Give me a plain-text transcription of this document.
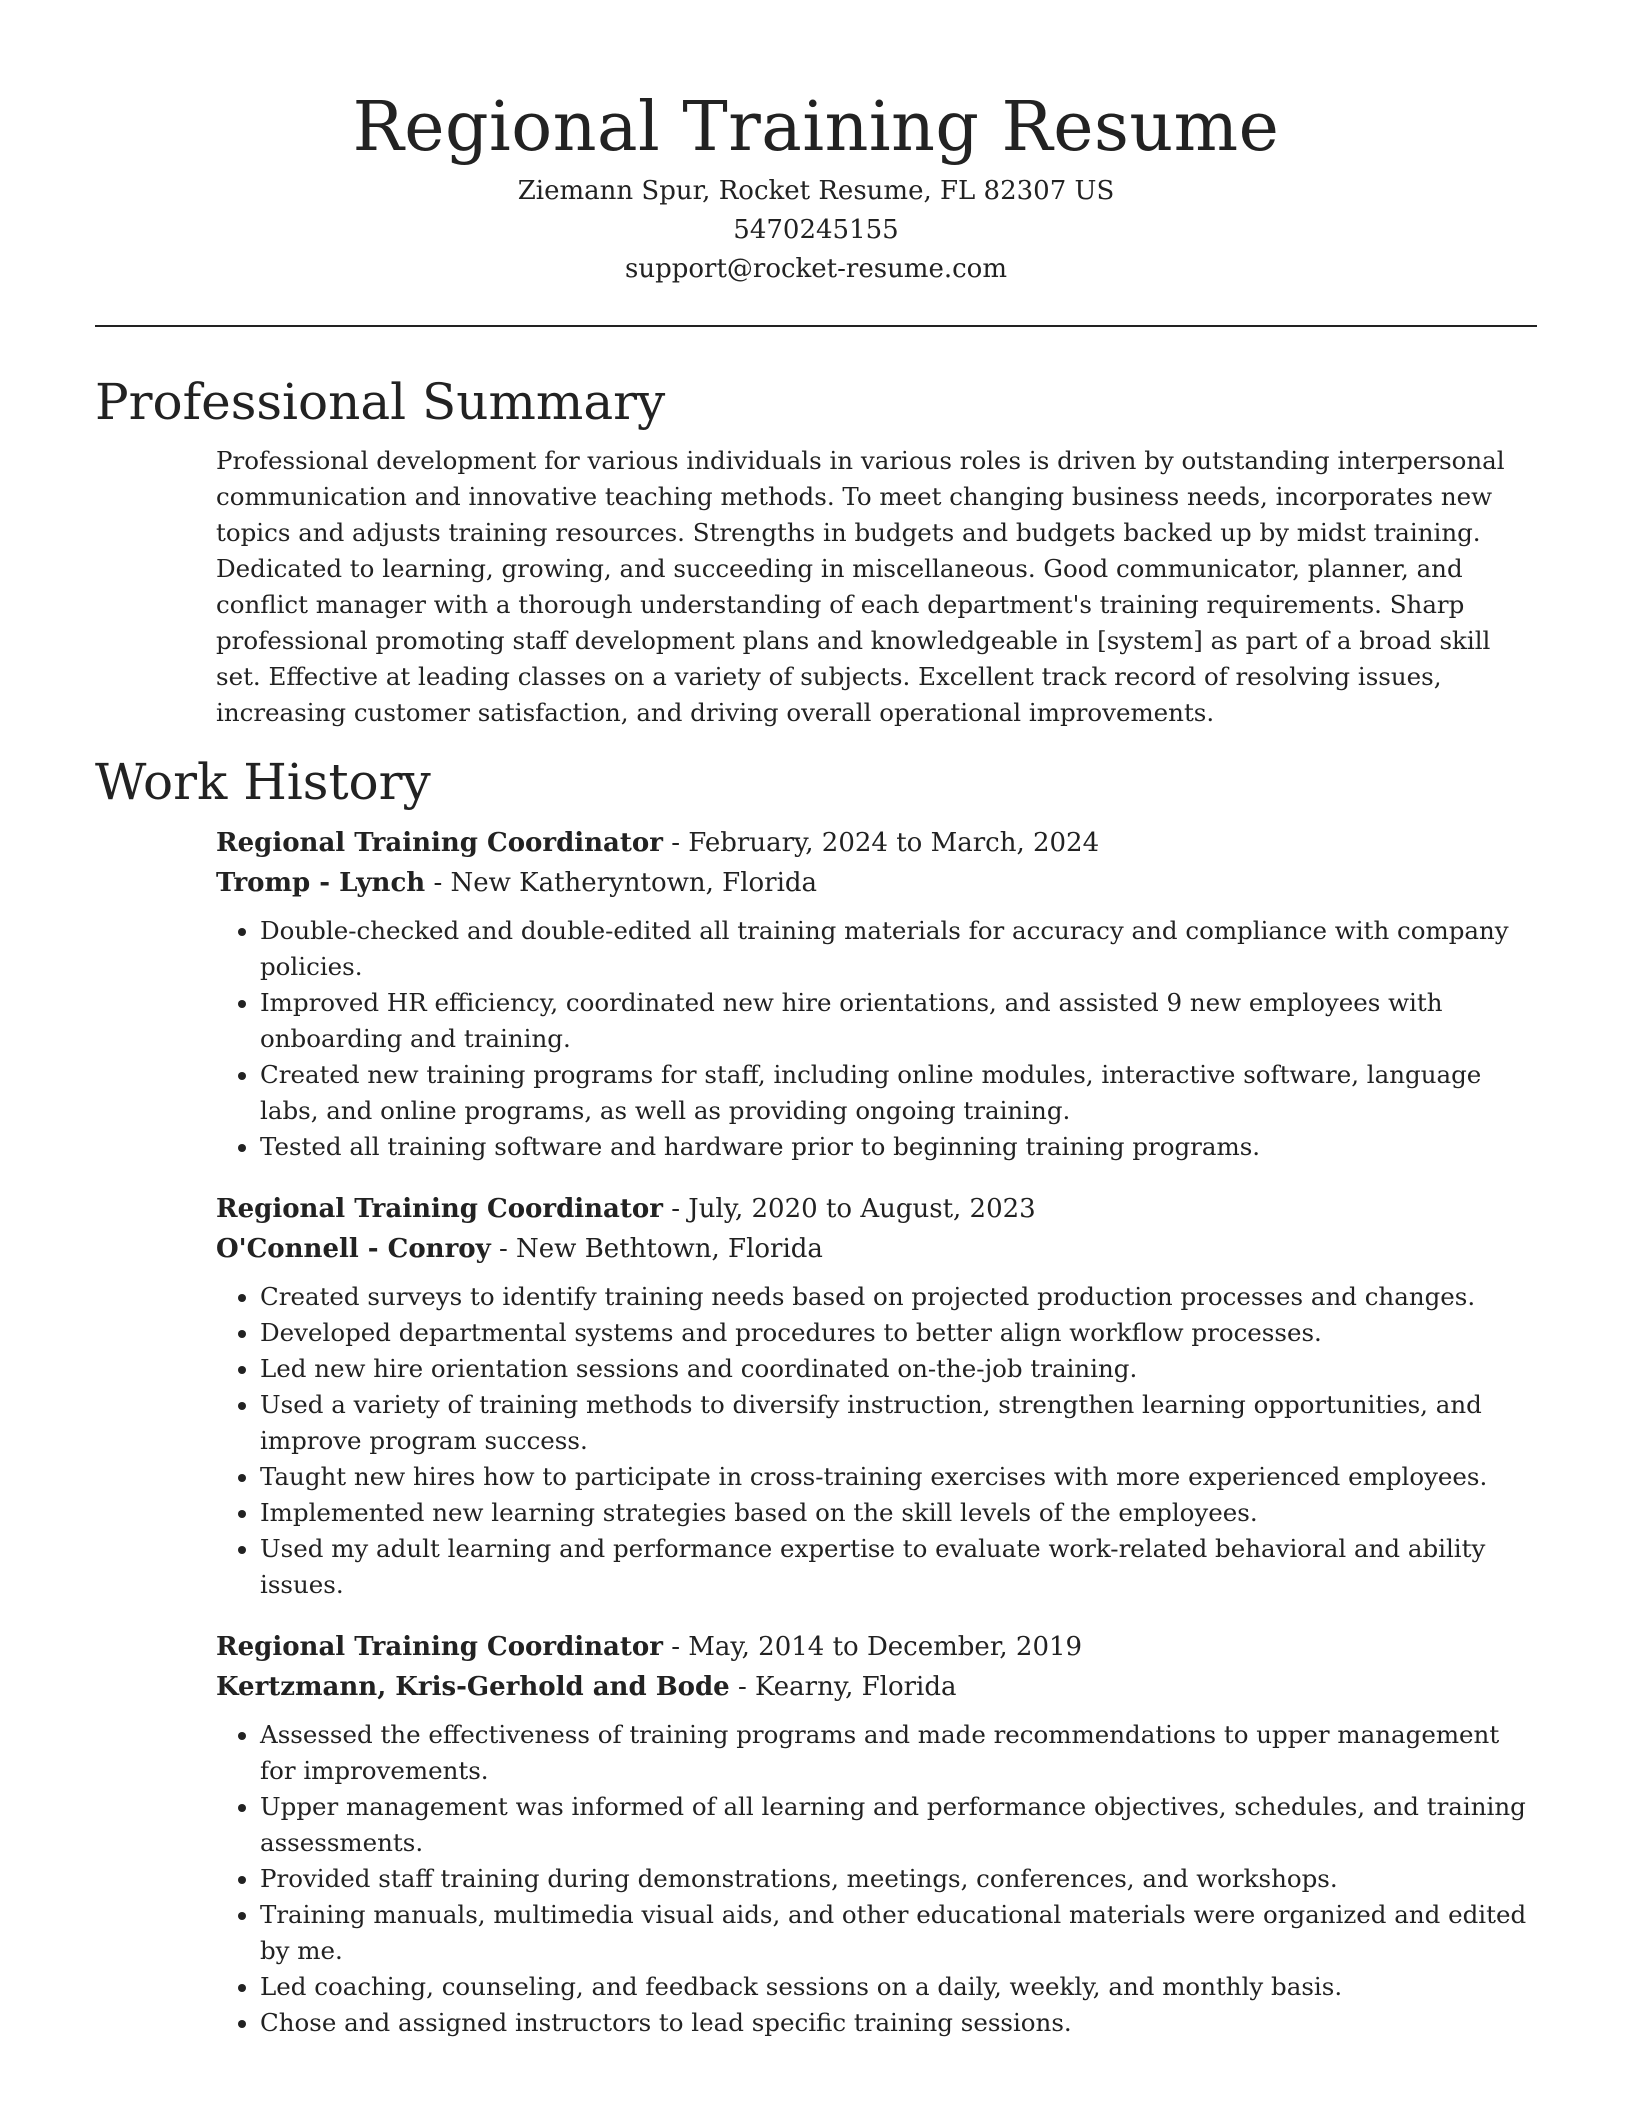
Regional Training Resume
Ziemann Spur, Rocket Resume, FL 82307 US
5470245155
support@rocket-resume.com
Professional Summary

Professional development for various individuals in various roles is driven by outstanding interpersonal communication and innovative teaching methods. To meet changing business needs, incorporates new topics and adjusts training resources. Strengths in budgets and budgets backed up by midst training. Dedicated to learning, growing, and succeeding in miscellaneous. Good communicator, planner, and conflict manager with a thorough understanding of each department's training requirements. Sharp professional promoting staff development plans and knowledgeable in [system] as part of a broad skill set. Effective at leading classes on a variety of subjects. Excellent track record of resolving issues, increasing customer satisfaction, and driving overall operational improvements.

Work History
Regional Training Coordinator - February, 2024 to March, 2024
Tromp - Lynch - New Katheryntown, Florida
• Double-checked and double-edited all training materials for accuracy and compliance with company policies.
• Improved HR efficiency, coordinated new hire orientations, and assisted 9 new employees with onboarding and training.
• Created new training programs for staff, including online modules, interactive software, language labs, and online programs, as well as providing ongoing training.
• Tested all training software and hardware prior to beginning training programs.
Regional Training Coordinator - July, 2020 to August, 2023
O'Connell - Conroy - New Bethtown, Florida
• Created surveys to identify training needs based on projected production processes and changes.
• Developed departmental systems and procedures to better align workflow processes.
• Led new hire orientation sessions and coordinated on-the-job training.
• Used a variety of training methods to diversify instruction, strengthen learning opportunities, and improve program success.
• Taught new hires how to participate in cross-training exercises with more experienced employees.
• Implemented new learning strategies based on the skill levels of the employees.
• Used my adult learning and performance expertise to evaluate work-related behavioral and ability issues.
Regional Training Coordinator - May, 2014 to December, 2019
Kertzmann, Kris-Gerhold and Bode - Kearny, Florida
• Assessed the effectiveness of training programs and made recommendations to upper management for improvements.
• Upper management was informed of all learning and performance objectives, schedules, and training assessments.
• Provided staff training during demonstrations, meetings, conferences, and workshops.
• Training manuals, multimedia visual aids, and other educational materials were organized and edited by me.
• Led coaching, counseling, and feedback sessions on a daily, weekly, and monthly basis.
• Chose and assigned instructors to lead specific training sessions.
